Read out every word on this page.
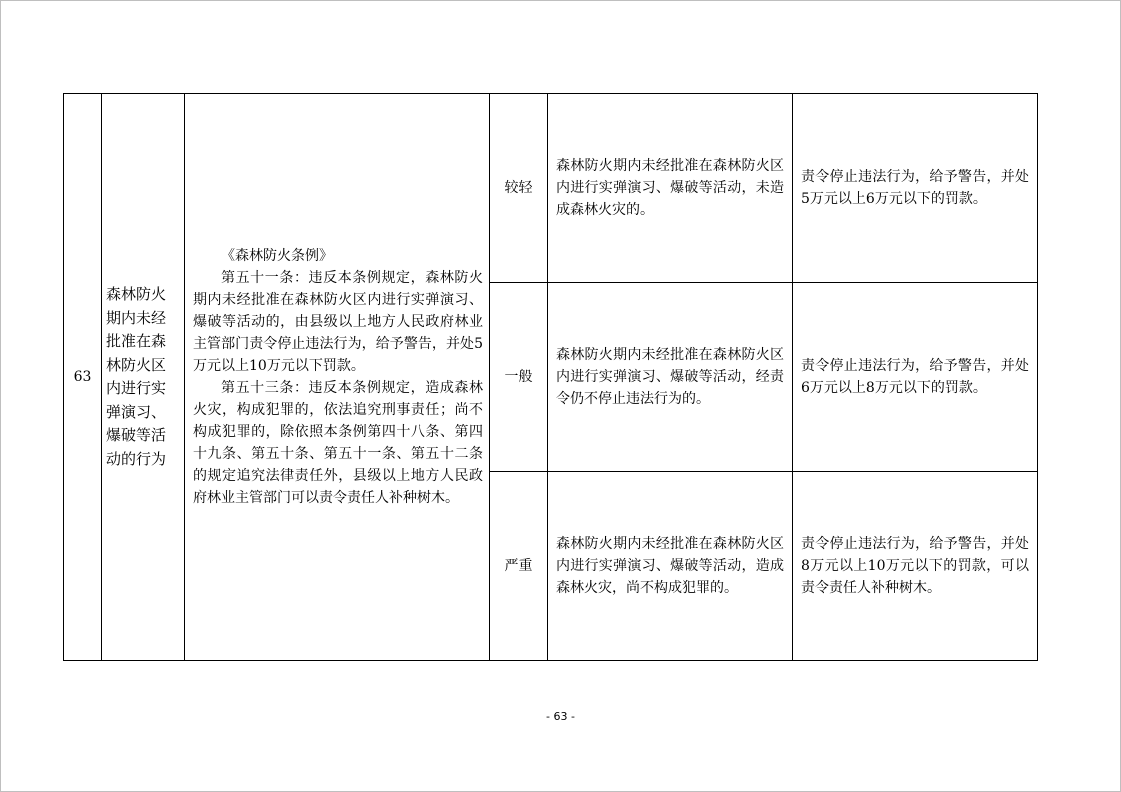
63	森林防火期内未经批准在森林防火区内进行实弹演习、爆破等活动的行为	《森林防火条例》

第五十一条：违反本条例规定，森林防火期内未经批准在森林防火区内进行实弹演习、爆破等活动的，由县级以上地方人民政府林业主管部门责令停止违法行为，给予警告，并处5万元以上10万元以下罚款。

第五十三条：违反本条例规定，造成森林火灾，构成犯罪的，依法追究刑事责任；尚不构成犯罪的，除依照本条例第四十八条、第四十九条、第五十条、第五十一条、第五十二条的规定追究法律责任外，县级以上地方人民政府林业主管部门可以责令责任人补种树木。	较轻	森林防火期内未经批准在森林防火区内进行实弹演习、爆破等活动，未造成森林火灾的。	责令停止违法行为，给予警告，并处5万元以上6万元以下的罚款。
			一般	森林防火期内未经批准在森林防火区内进行实弹演习、爆破等活动，经责令仍不停止违法行为的。	责令停止违法行为，给予警告，并处6万元以上8万元以下的罚款。
			严重	森林防火期内未经批准在森林防火区内进行实弹演习、爆破等活动，造成森林火灾，尚不构成犯罪的。	责令停止违法行为，给予警告，并处8万元以上10万元以下的罚款，可以责令责任人补种树木。
- 63 -
